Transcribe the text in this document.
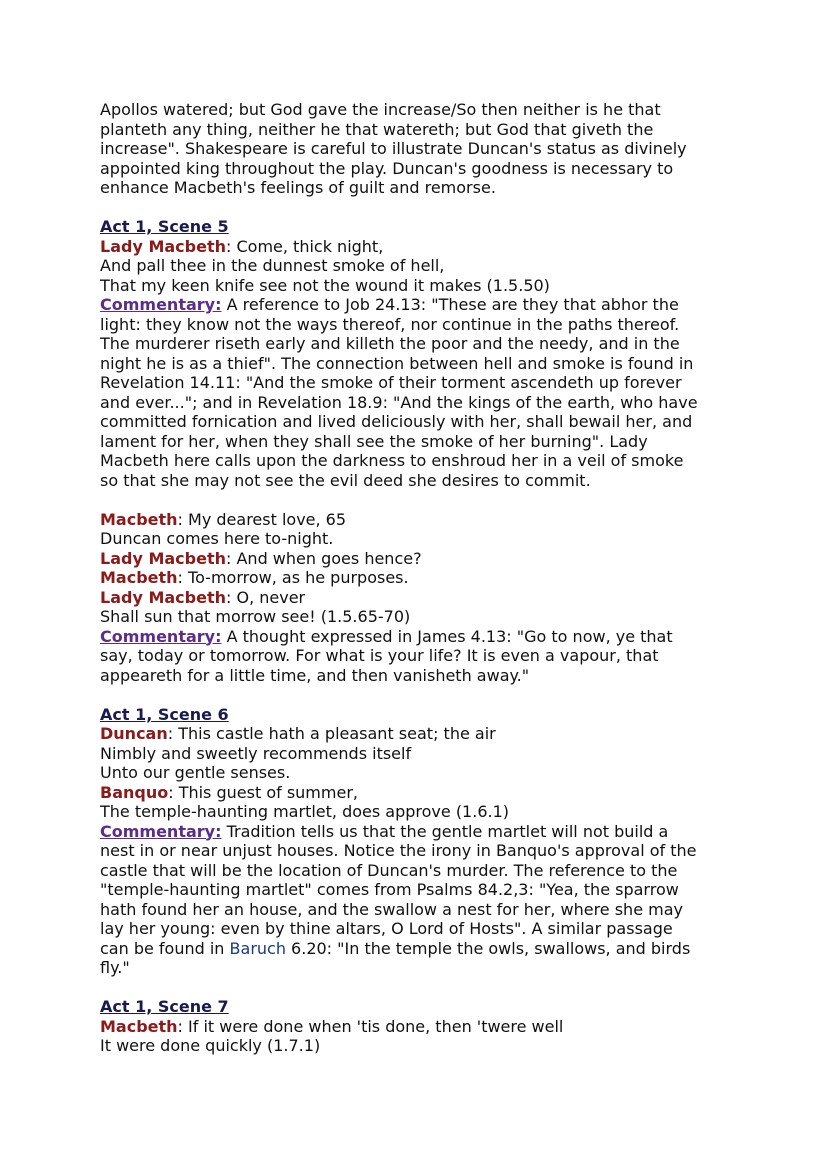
Apollos watered; but God gave the increase/So then neither is he that
planteth any thing, neither he that watereth; but God that giveth the
increase". Shakespeare is careful to illustrate Duncan's status as divinely
appointed king throughout the play. Duncan's goodness is necessary to
enhance Macbeth's feelings of guilt and remorse.
Act 1, Scene 5
Lady Macbeth: Come, thick night,
And pall thee in the dunnest smoke of hell,
That my keen knife see not the wound it makes (1.5.50)
Commentary: A reference to Job 24.13: "These are they that abhor the
light: they know not the ways thereof, nor continue in the paths thereof.
The murderer riseth early and killeth the poor and the needy, and in the
night he is as a thief". The connection between hell and smoke is found in
Revelation 14.11: "And the smoke of their torment ascendeth up forever
and ever..."; and in Revelation 18.9: "And the kings of the earth, who have
committed fornication and lived deliciously with her, shall bewail her, and
lament for her, when they shall see the smoke of her burning". Lady
Macbeth here calls upon the darkness to enshroud her in a veil of smoke
so that she may not see the evil deed she desires to commit.
Macbeth: My dearest love, 65
Duncan comes here to-night.
Lady Macbeth: And when goes hence?
Macbeth: To-morrow, as he purposes.
Lady Macbeth: O, never
Shall sun that morrow see! (1.5.65-70)
Commentary: A thought expressed in James 4.13: "Go to now, ye that
say, today or tomorrow. For what is your life? It is even a vapour, that
appeareth for a little time, and then vanisheth away."
Act 1, Scene 6
Duncan: This castle hath a pleasant seat; the air
Nimbly and sweetly recommends itself
Unto our gentle senses.
Banquo: This guest of summer,
The temple-haunting martlet, does approve (1.6.1)
Commentary: Tradition tells us that the gentle martlet will not build a
nest in or near unjust houses. Notice the irony in Banquo's approval of the
castle that will be the location of Duncan's murder. The reference to the
"temple-haunting martlet" comes from Psalms 84.2,3: "Yea, the sparrow
hath found her an house, and the swallow a nest for her, where she may
lay her young: even by thine altars, O Lord of Hosts". A similar passage
can be found in Baruch 6.20: "In the temple the owls, swallows, and birds
fly."
Act 1, Scene 7
Macbeth: If it were done when 'tis done, then 'twere well
It were done quickly (1.7.1)
